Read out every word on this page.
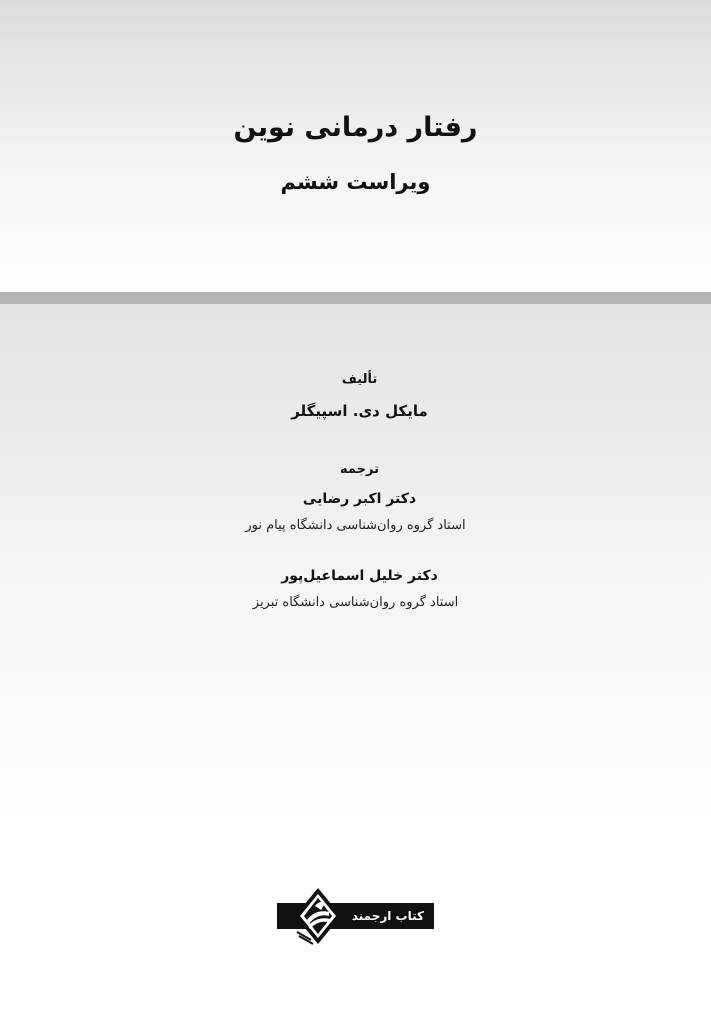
رفتار درمانی نوین
ویراست ششم
تألیف
مایکل دی. اسپیگلر
ترجمه
دکتر اکبر رضایی
استاد گروه روان‌شناسی دانشگاه پیام نور
دکتر خلیل اسماعیل‌پور
استاد گروه روان‌شناسی دانشگاه تبریز
کتاب ارجمند
